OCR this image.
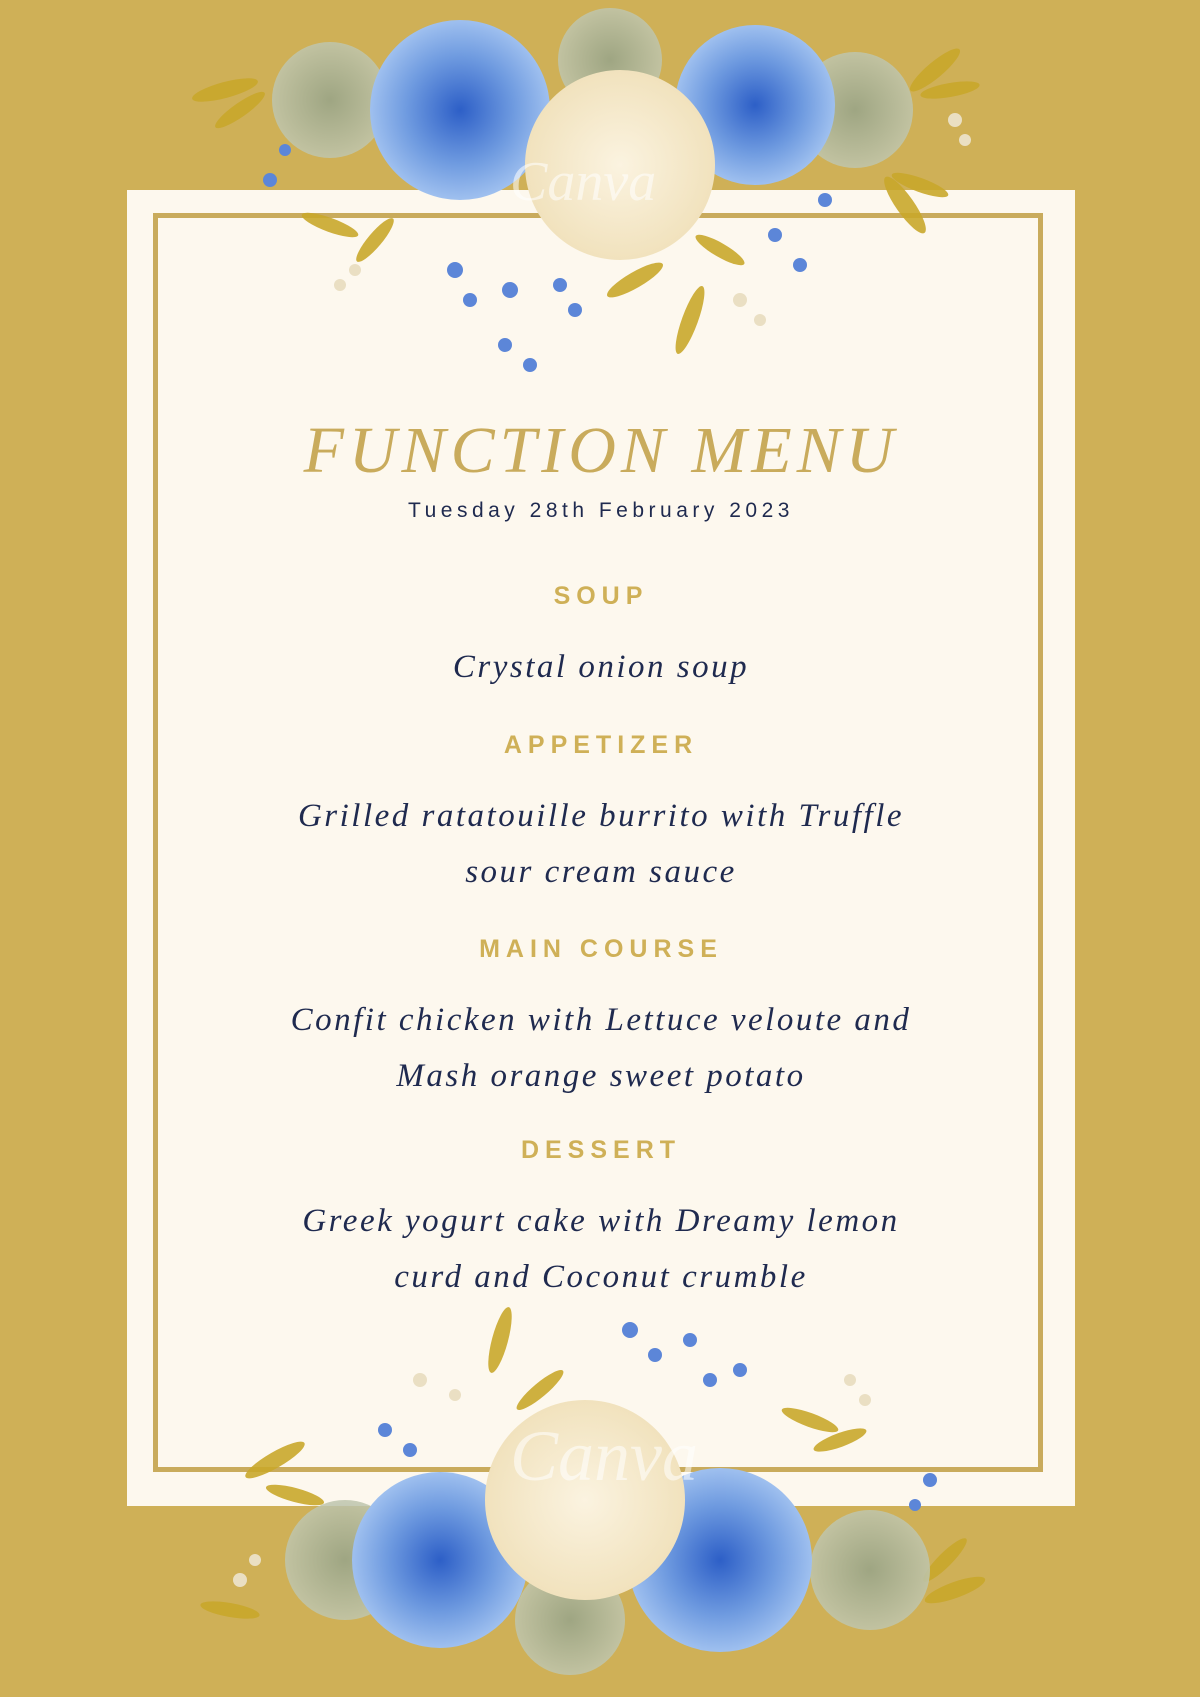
Canva
Canva
FUNCTION MENU
Tuesday 28th February 2023
SOUP
Crystal onion soup
APPETIZER
Grilled ratatouille burrito with Truffle
sour cream sauce
MAIN COURSE
Confit chicken with Lettuce veloute and
Mash orange sweet potato
DESSERT
Greek yogurt cake with Dreamy lemon
curd and Coconut crumble
